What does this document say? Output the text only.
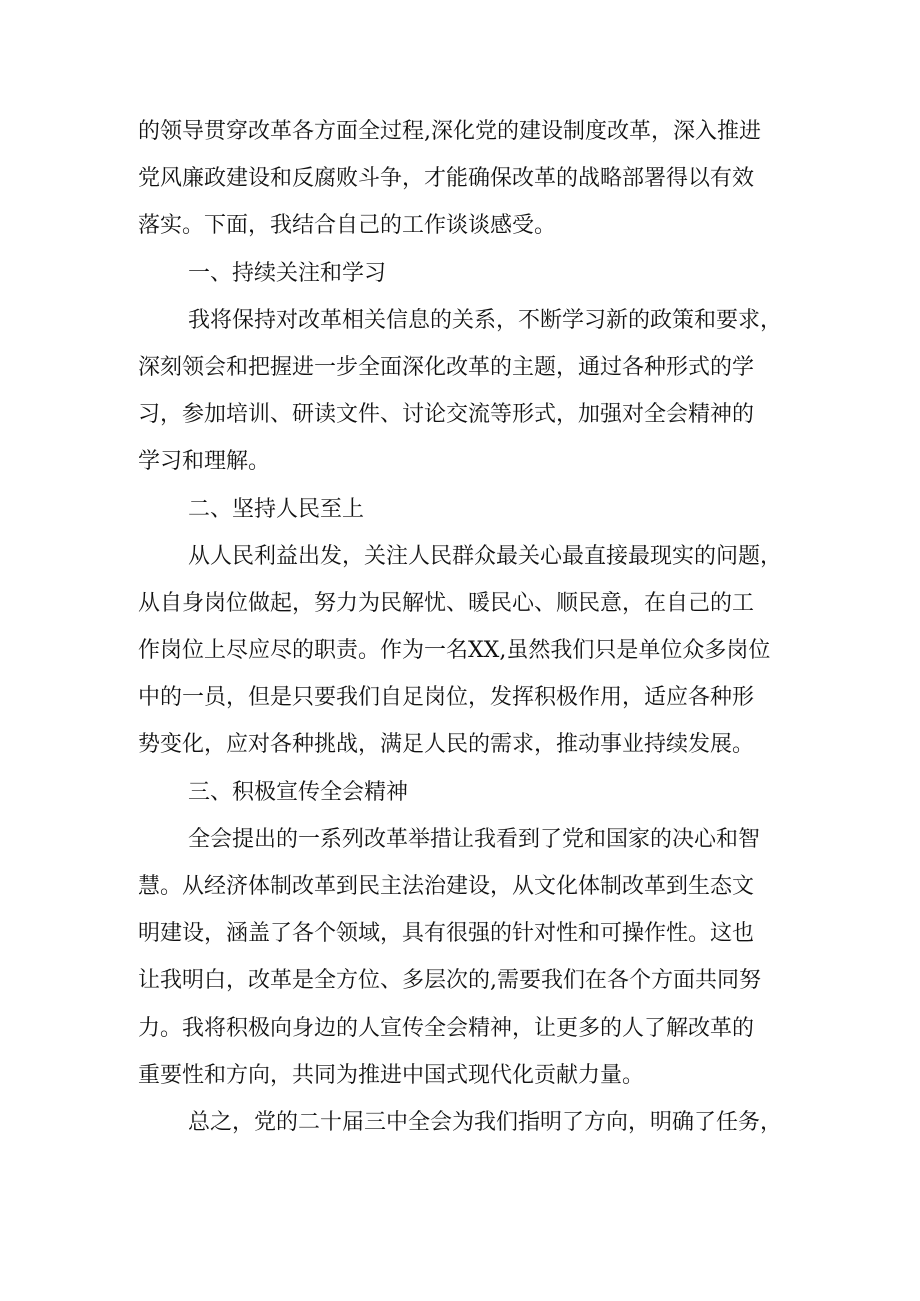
的领导贯穿改革各方面全过程,深化党的建设制度改革，深入推进
党风廉政建设和反腐败斗争，才能确保改革的战略部署得以有效
落实。下面，我结合自己的工作谈谈感受。
一、持续关注和学习
我将保持对改革相关信息的关系，不断学习新的政策和要求，
深刻领会和把握进一步全面深化改革的主题，通过各种形式的学
习，参加培训、研读文件、讨论交流等形式，加强对全会精神的
学习和理解。
二、坚持人民至上
从人民利益出发，关注人民群众最关心最直接最现实的问题，
从自身岗位做起，努力为民解忧、暖民心、顺民意，在自己的工
作岗位上尽应尽的职责。作为一名XX,虽然我们只是单位众多岗位
中的一员，但是只要我们自足岗位，发挥积极作用，适应各种形
势变化，应对各种挑战，满足人民的需求，推动事业持续发展。
三、积极宣传全会精神
全会提出的一系列改革举措让我看到了党和国家的决心和智
慧。从经济体制改革到民主法治建设，从文化体制改革到生态文
明建设，涵盖了各个领域，具有很强的针对性和可操作性。这也
让我明白，改革是全方位、多层次的,需要我们在各个方面共同努
力。我将积极向身边的人宣传全会精神，让更多的人了解改革的
重要性和方向，共同为推进中国式现代化贡献力量。
总之，党的二十届三中全会为我们指明了方向，明确了任务，
